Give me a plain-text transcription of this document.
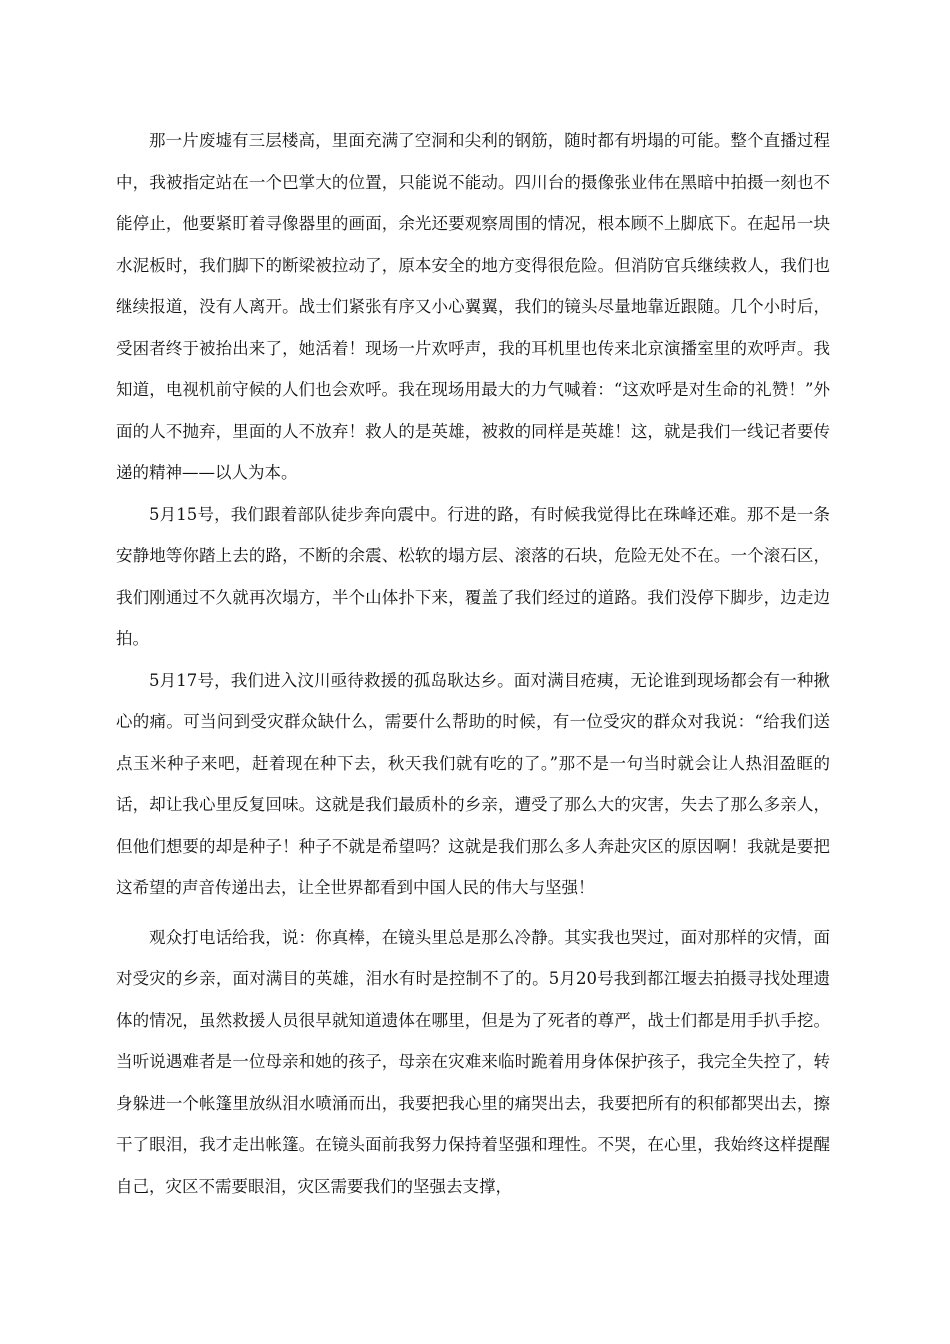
那一片废墟有三层楼高，里面充满了空洞和尖利的钢筋，随时都有坍塌的可能。整个直播过程中，我被指定站在一个巴掌大的位置，只能说不能动。四川台的摄像张业伟在黑暗中拍摄一刻也不能停止，他要紧盯着寻像器里的画面，余光还要观察周围的情况，根本顾不上脚底下。在起吊一块水泥板时，我们脚下的断梁被拉动了，原本安全的地方变得很危险。但消防官兵继续救人，我们也继续报道，没有人离开。战士们紧张有序又小心翼翼，我们的镜头尽量地靠近跟随。几个小时后，受困者终于被抬出来了，她活着！现场一片欢呼声，我的耳机里也传来北京演播室里的欢呼声。我知道，电视机前守候的人们也会欢呼。我在现场用最大的力气喊着：“这欢呼是对生命的礼赞！”外面的人不抛弃，里面的人不放弃！救人的是英雄，被救的同样是英雄！这，就是我们一线记者要传递的精神——以人为本。

5月15号，我们跟着部队徒步奔向震中。行进的路，有时候我觉得比在珠峰还难。那不是一条安静地等你踏上去的路，不断的余震、松软的塌方层、滚落的石块，危险无处不在。一个滚石区，我们刚通过不久就再次塌方，半个山体扑下来，覆盖了我们经过的道路。我们没停下脚步，边走边拍。

5月17号，我们进入汶川亟待救援的孤岛耿达乡。面对满目疮痍，无论谁到现场都会有一种揪心的痛。可当问到受灾群众缺什么，需要什么帮助的时候，有一位受灾的群众对我说：“给我们送点玉米种子来吧，赶着现在种下去，秋天我们就有吃的了。”那不是一句当时就会让人热泪盈眶的话，却让我心里反复回味。这就是我们最质朴的乡亲，遭受了那么大的灾害，失去了那么多亲人，但他们想要的却是种子！种子不就是希望吗？这就是我们那么多人奔赴灾区的原因啊！我就是要把这希望的声音传递出去，让全世界都看到中国人民的伟大与坚强！

观众打电话给我，说：你真棒，在镜头里总是那么冷静。其实我也哭过，面对那样的灾情，面对受灾的乡亲，面对满目的英雄，泪水有时是控制不了的。5月20号我到都江堰去拍摄寻找处理遗体的情况，虽然救援人员很早就知道遗体在哪里，但是为了死者的尊严，战士们都是用手扒手挖。当听说遇难者是一位母亲和她的孩子，母亲在灾难来临时跪着用身体保护孩子，我完全失控了，转身躲进一个帐篷里放纵泪水喷涌而出，我要把我心里的痛哭出去，我要把所有的积郁都哭出去，擦干了眼泪，我才走出帐篷。在镜头面前我努力保持着坚强和理性。不哭，在心里，我始终这样提醒自己，灾区不需要眼泪，灾区需要我们的坚强去支撑，
